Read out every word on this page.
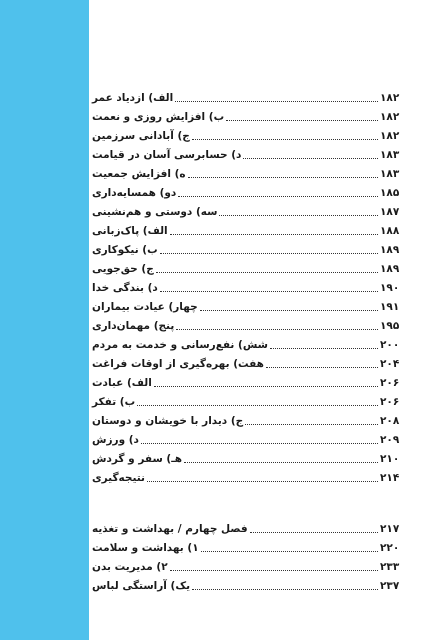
الف) ازدیاد عمر	۱۸۲
ب) افزایش روزی و نعمت	۱۸۲
ج) آبادانی سرزمین	۱۸۲
د) حسابرسی آسان در قیامت	۱۸۳
ه) افزایش جمعیت	۱۸۳
دو) همسایه‌داری	۱۸۵
سه) دوستی و هم‌نشینی	۱۸۷
الف) پاک‌زبانی	۱۸۸
ب) نیکوکاری	۱۸۹
ج) حق‌جویی	۱۸۹
د) بندگی خدا	۱۹۰
چهار) عیادت بیماران	۱۹۱
پنج) مهمان‌داری	۱۹۵
شش) نفع‌رسانی و خدمت به مردم	۲۰۰
هفت) بهره‌گیری از اوقات فراغت	۲۰۴
الف) عبادت	۲۰۶
ب) تفکر	۲۰۶
ج) دیدار با خویشان و دوستان	۲۰۸
د) ورزش	۲۰۹
هـ) سفر و گردش	۲۱۰
نتیجه‌گیری	۲۱۴
فصل چهارم / بهداشت و تغذیه	۲۱۷
۱) بهداشت و سلامت	۲۲۰
۲) مدیریت بدن	۲۳۳
یک) آراستگی لباس	۲۳۷
